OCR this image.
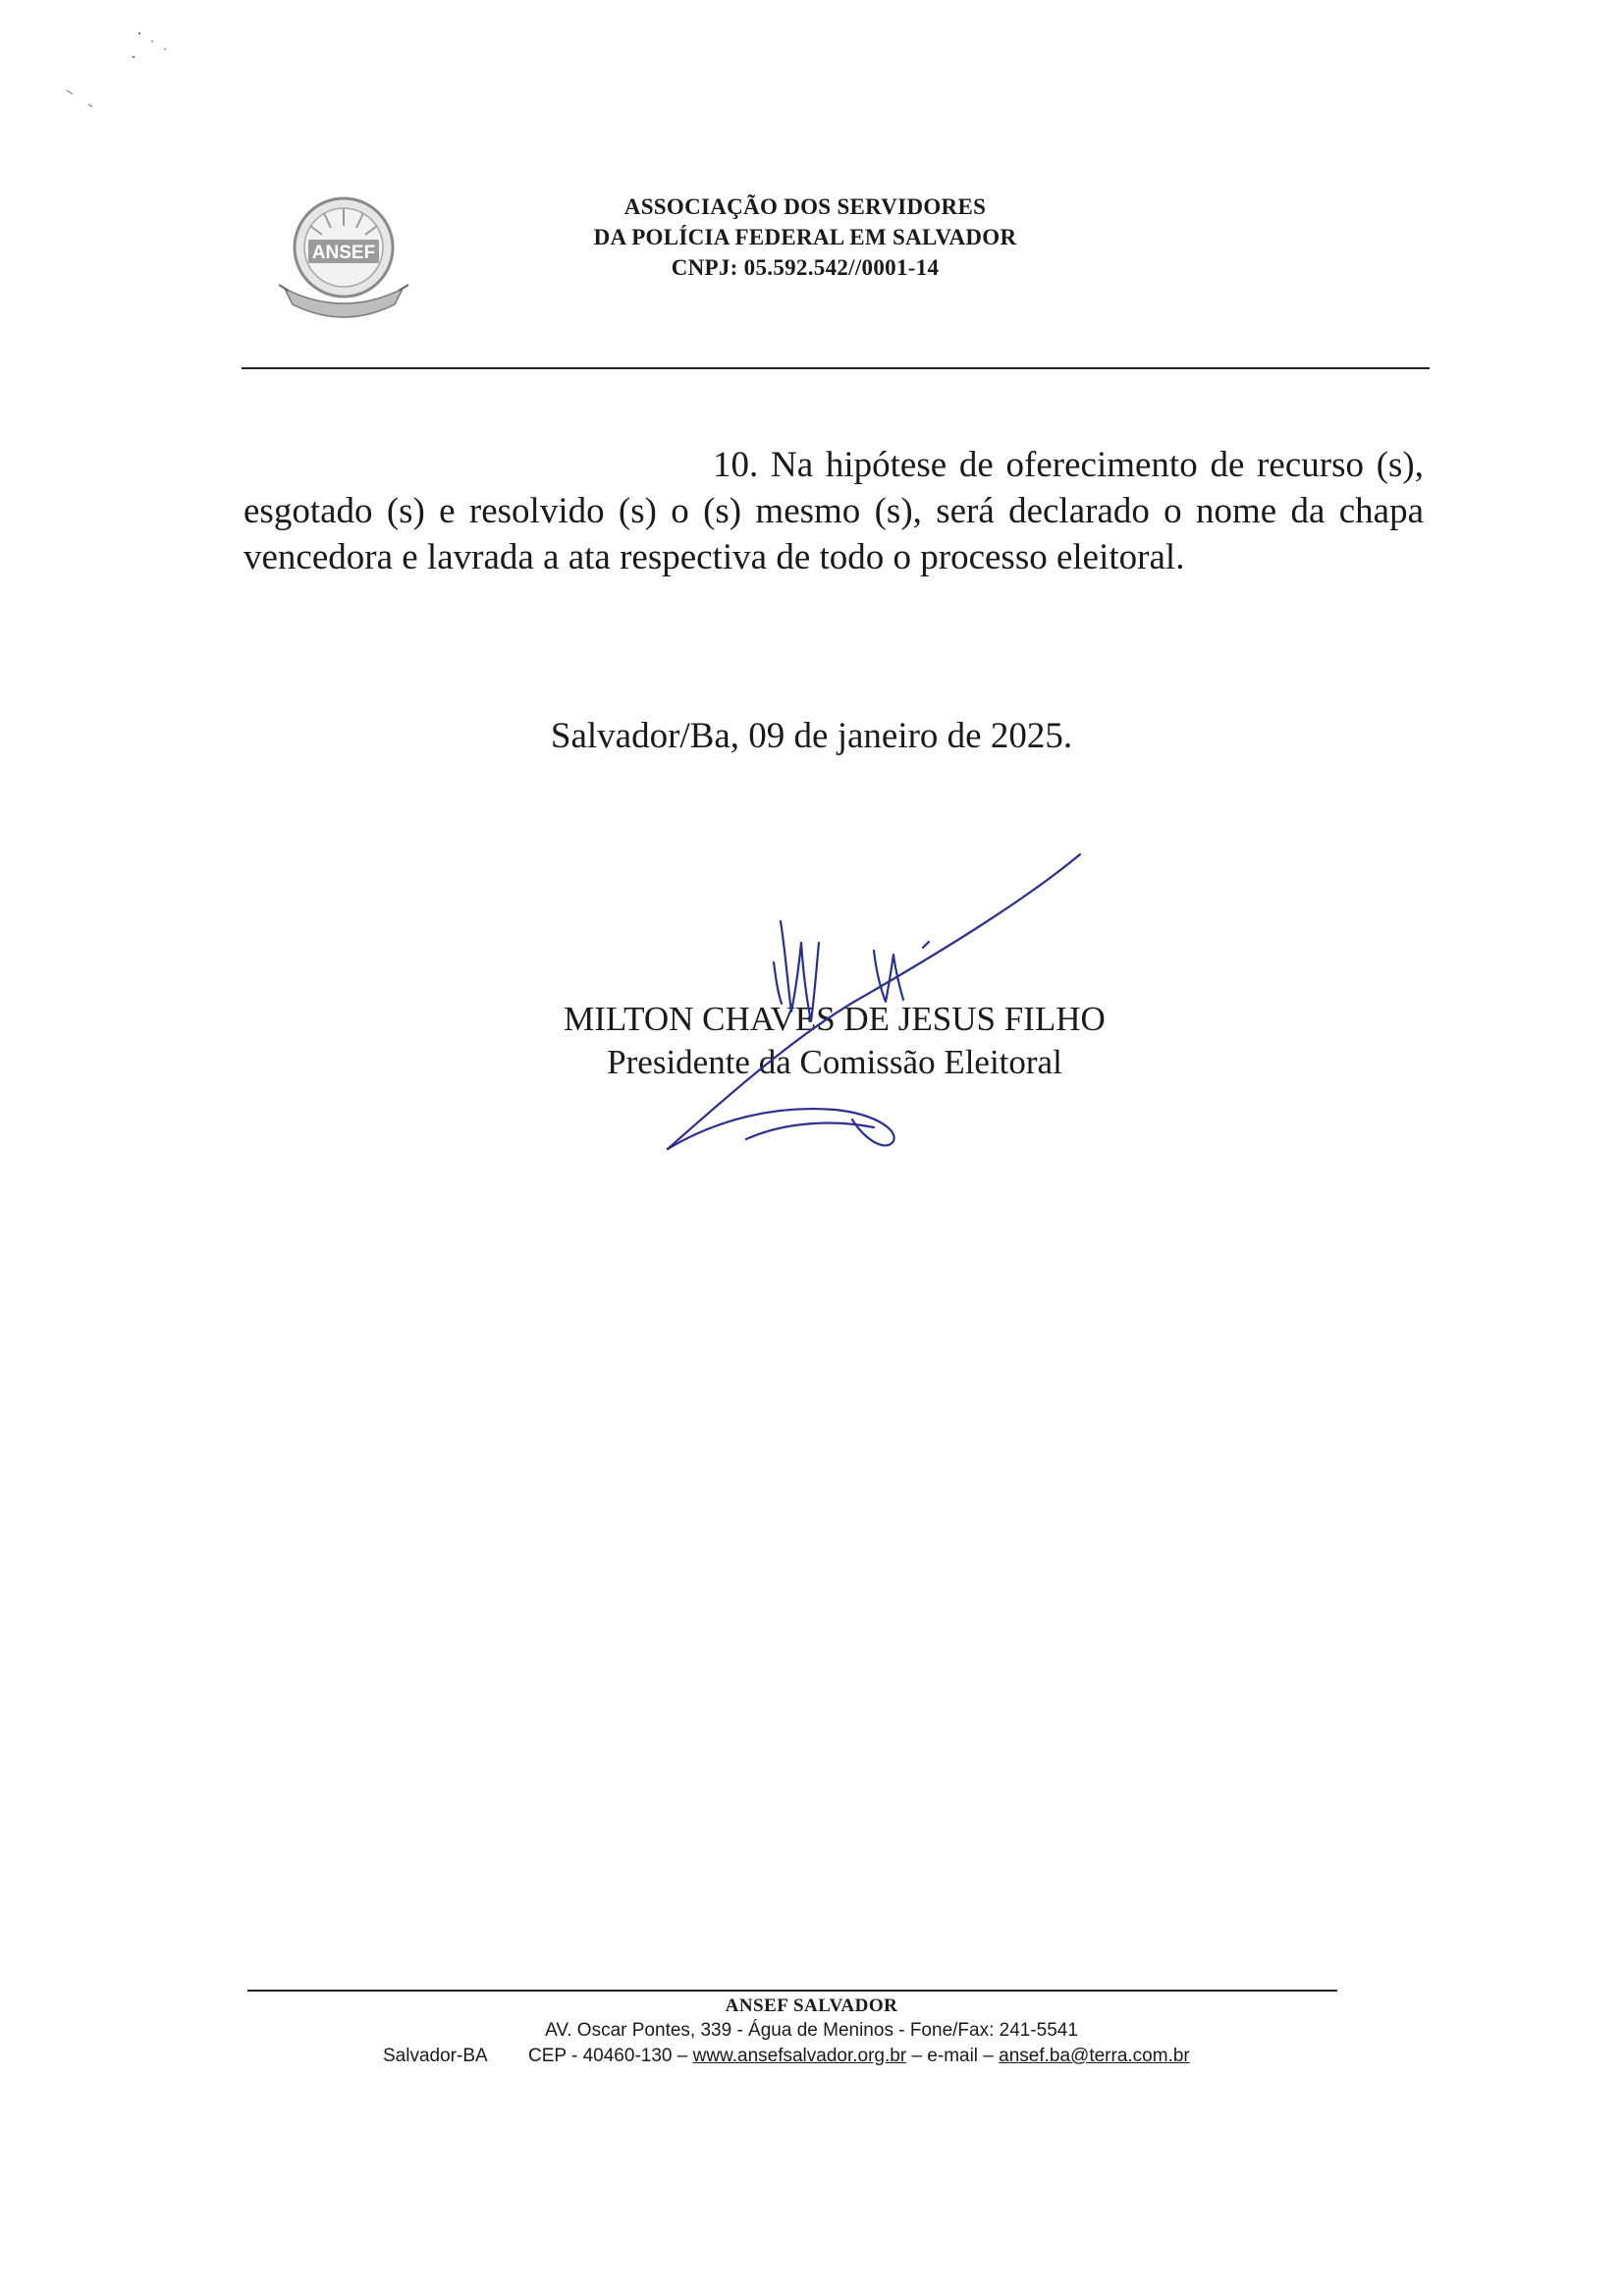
ANSEF
ASSOCIAÇÃO DOS SERVIDORES
DA POLÍCIA FEDERAL EM SALVADOR
CNPJ: 05.592.542//0001-14
10. Na hipótese de oferecimento de recurso (s), esgotado (s) e resolvido (s) o (s) mesmo (s), será declarado o nome da chapa vencedora e lavrada a ata respectiva de todo o processo eleitoral.
Salvador/Ba, 09 de janeiro de 2025.
MILTON CHAVES DE JESUS FILHO
Presidente da Comissão Eleitoral
ANSEF SALVADOR
AV. Oscar Pontes, 339 - Água de Meninos - Fone/Fax: 241-5541
Salvador-BA CEP - 40460-130 – www.ansefsalvador.org.br – e-mail – ansef.ba@terra.com.br
